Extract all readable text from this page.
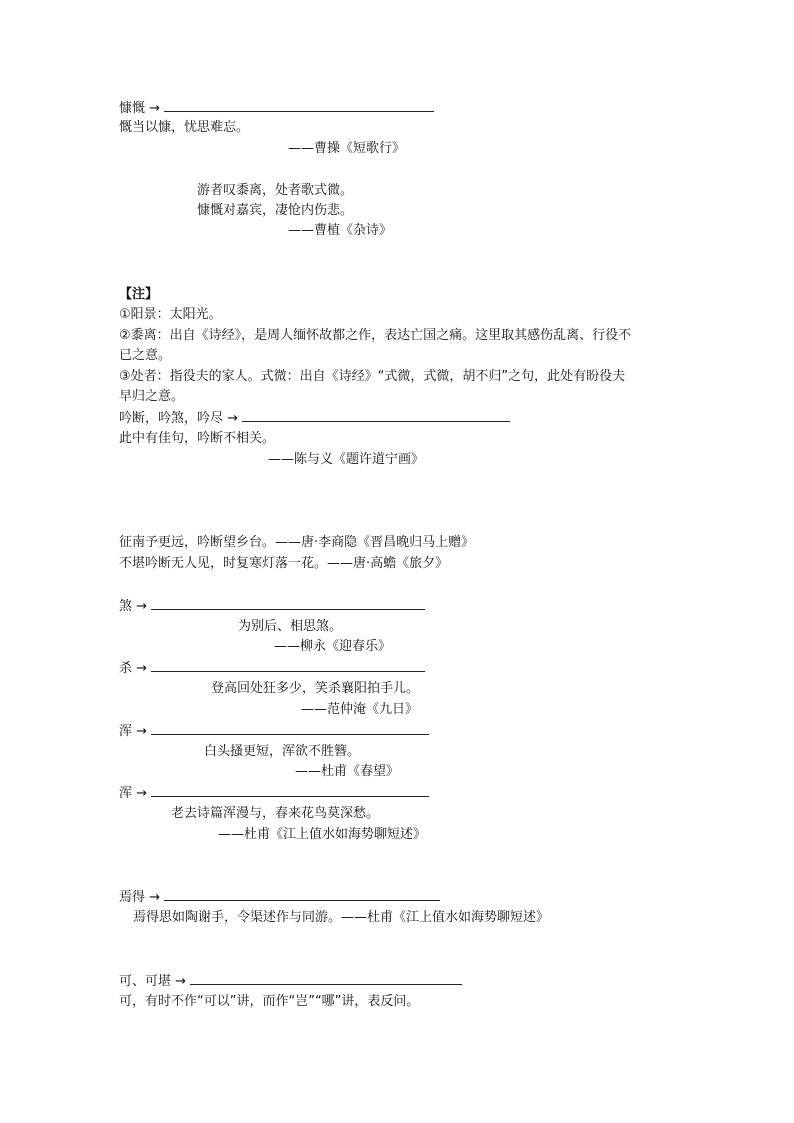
慷慨 →
慨当以慷，忧思难忘。
——曹操《短歌行》
游者叹黍离，处者歌式微。
慷慨对嘉宾，凄怆内伤悲。
——曹植《杂诗》
【注】
①阳景：太阳光。
②黍离：出自《诗经》，是周人缅怀故都之作，表达亡国之痛。这里取其感伤乱离、行役不
已之意。
③处者：指役夫的家人。式微：出自《诗经》“式微，式微，胡不归”之句，此处有盼役夫
早归之意。
吟断，吟煞，吟尽 →
此中有佳句，吟断不相关。
——陈与义《题许道宁画》
征南予更远，吟断望乡台。——唐·李商隐《晋昌晚归马上赠》
不堪吟断无人见，时复寒灯落一花。——唐·高蟾《旅夕》
煞 →
为别后、相思煞。
——柳永《迎春乐》
杀 →
登高回处狂多少，笑杀襄阳拍手儿。
——范仲淹《九日》
浑 →
白头搔更短，浑欲不胜簪。
——杜甫《春望》
浑 →
老去诗篇浑漫与，春来花鸟莫深愁。
——杜甫《江上值水如海势聊短述》
焉得 →
焉得思如陶谢手，令渠述作与同游。——杜甫《江上值水如海势聊短述》
可、可堪 →
可，有时不作“可以”讲，而作“岂”“哪”讲，表反问。
